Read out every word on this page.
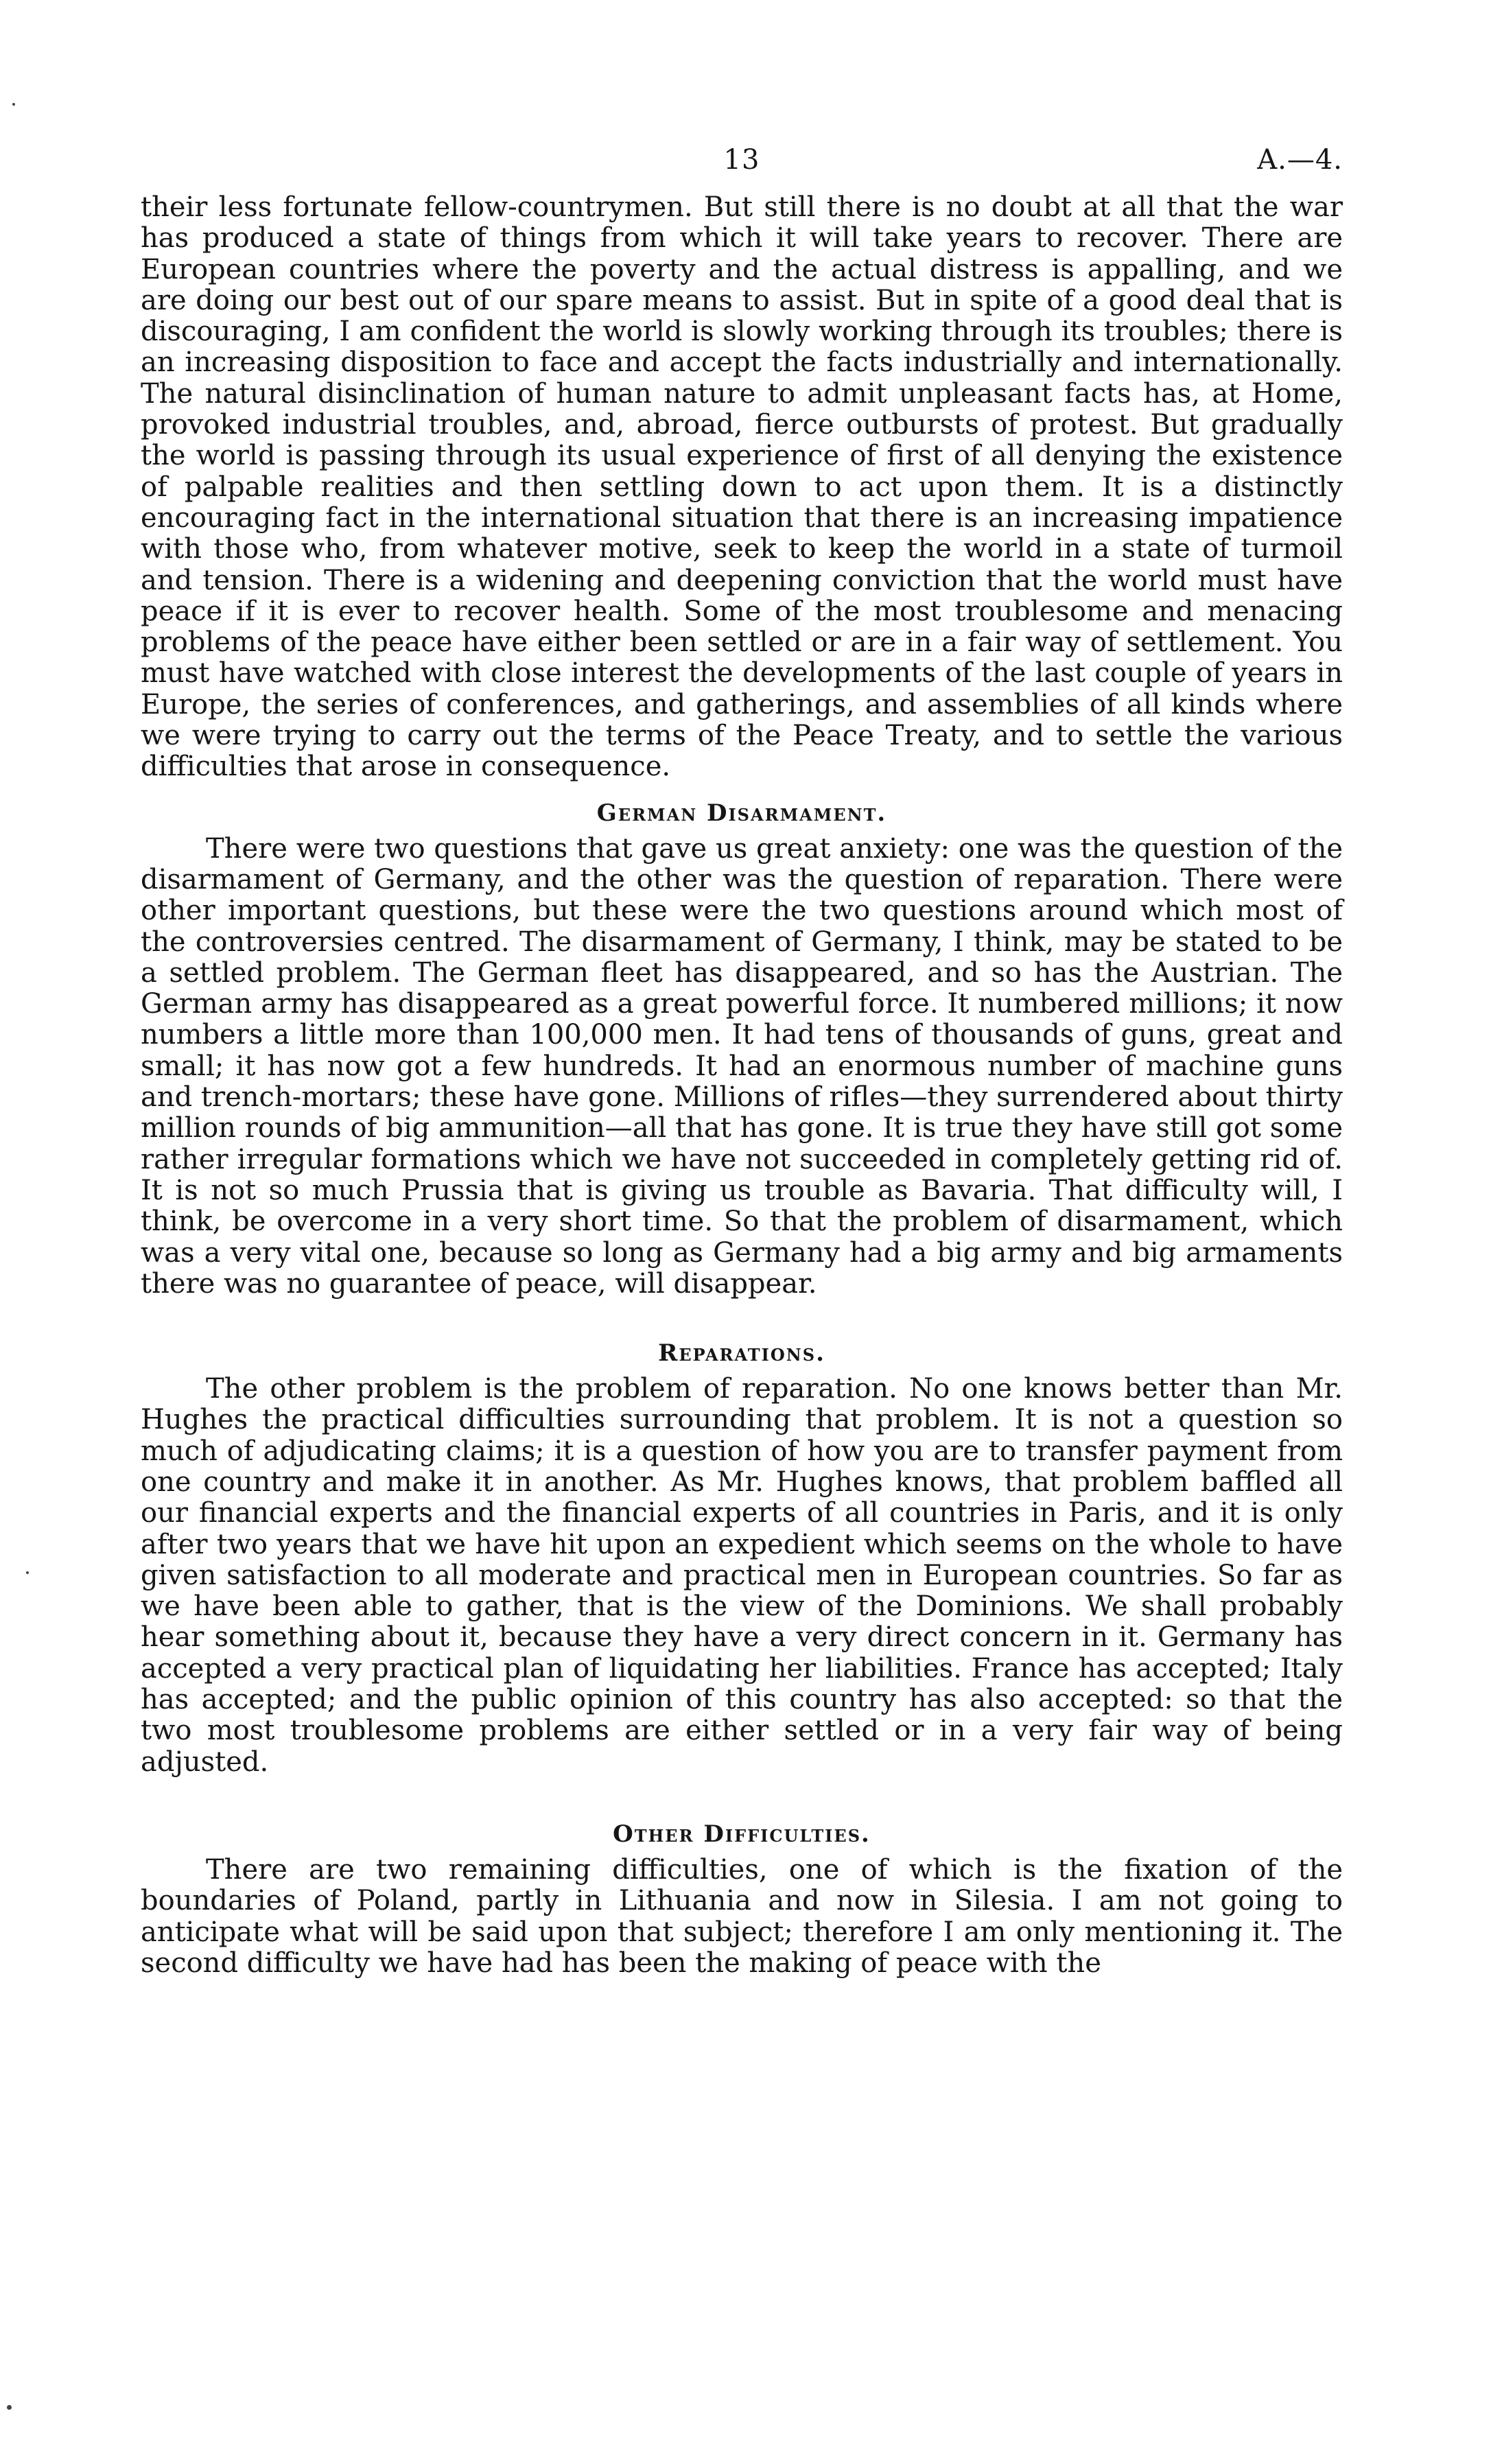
13	A.—4.

their less fortunate fellow-countrymen. But still there is no doubt at all that the war has produced a state of things from which it will take years to recover. There are European countries where the poverty and the actual distress is appalling, and we are doing our best out of our spare means to assist. But in spite of a good deal that is discouraging, I am confident the world is slowly working through its troubles; there is an increasing disposition to face and accept the facts industrially and internationally. The natural disinclination of human nature to admit unpleasant facts has, at Home, provoked industrial troubles, and, abroad, fierce outbursts of protest. But gradually the world is passing through its usual experience of first of all denying the existence of palpable realities and then settling down to act upon them. It is a distinctly encouraging fact in the international situation that there is an increasing impatience with those who, from whatever motive, seek to keep the world in a state of turmoil and tension. There is a widening and deepening conviction that the world must have peace if it is ever to recover health. Some of the most troublesome and menacing problems of the peace have either been settled or are in a fair way of settlement. You must have watched with close interest the developments of the last couple of years in Europe, the series of conferences, and gatherings, and assemblies of all kinds where we were trying to carry out the terms of the Peace Treaty, and to settle the various difficulties that arose in consequence.

German Disarmament.

There were two questions that gave us great anxiety: one was the question of the disarmament of Germany, and the other was the question of reparation. There were other important questions, but these were the two questions around which most of the controversies centred. The disarmament of Germany, I think, may be stated to be a settled problem. The German fleet has disappeared, and so has the Austrian. The German army has disappeared as a great powerful force. It numbered millions; it now numbers a little more than 100,000 men. It had tens of thousands of guns, great and small; it has now got a few hundreds. It had an enormous number of machine guns and trench-mortars; these have gone. Millions of rifles—they surrendered about thirty million rounds of big ammunition—all that has gone. It is true they have still got some rather irregular formations which we have not succeeded in completely getting rid of. It is not so much Prussia that is giving us trouble as Bavaria. That difficulty will, I think, be overcome in a very short time. So that the problem of disarmament, which was a very vital one, because so long as Germany had a big army and big armaments there was no guarantee of peace, will disappear.

Reparations.

The other problem is the problem of reparation. No one knows better than Mr. Hughes the practical difficulties surrounding that problem. It is not a question so much of adjudicating claims; it is a question of how you are to transfer payment from one country and make it in another. As Mr. Hughes knows, that problem baffled all our financial experts and the financial experts of all countries in Paris, and it is only after two years that we have hit upon an expedient which seems on the whole to have given satisfaction to all moderate and practical men in European countries. So far as we have been able to gather, that is the view of the Dominions. We shall probably hear something about it, because they have a very direct concern in it. Germany has accepted a very practical plan of liquidating her liabilities. France has accepted; Italy has accepted; and the public opinion of this country has also accepted: so that the two most troublesome problems are either settled or in a very fair way of being adjusted.

Other Difficulties.

There are two remaining difficulties, one of which is the fixation of the boundaries of Poland, partly in Lithuania and now in Silesia. I am not going to anticipate what will be said upon that subject; therefore I am only mentioning it. The second difficulty we have had has been the making of peace with the
